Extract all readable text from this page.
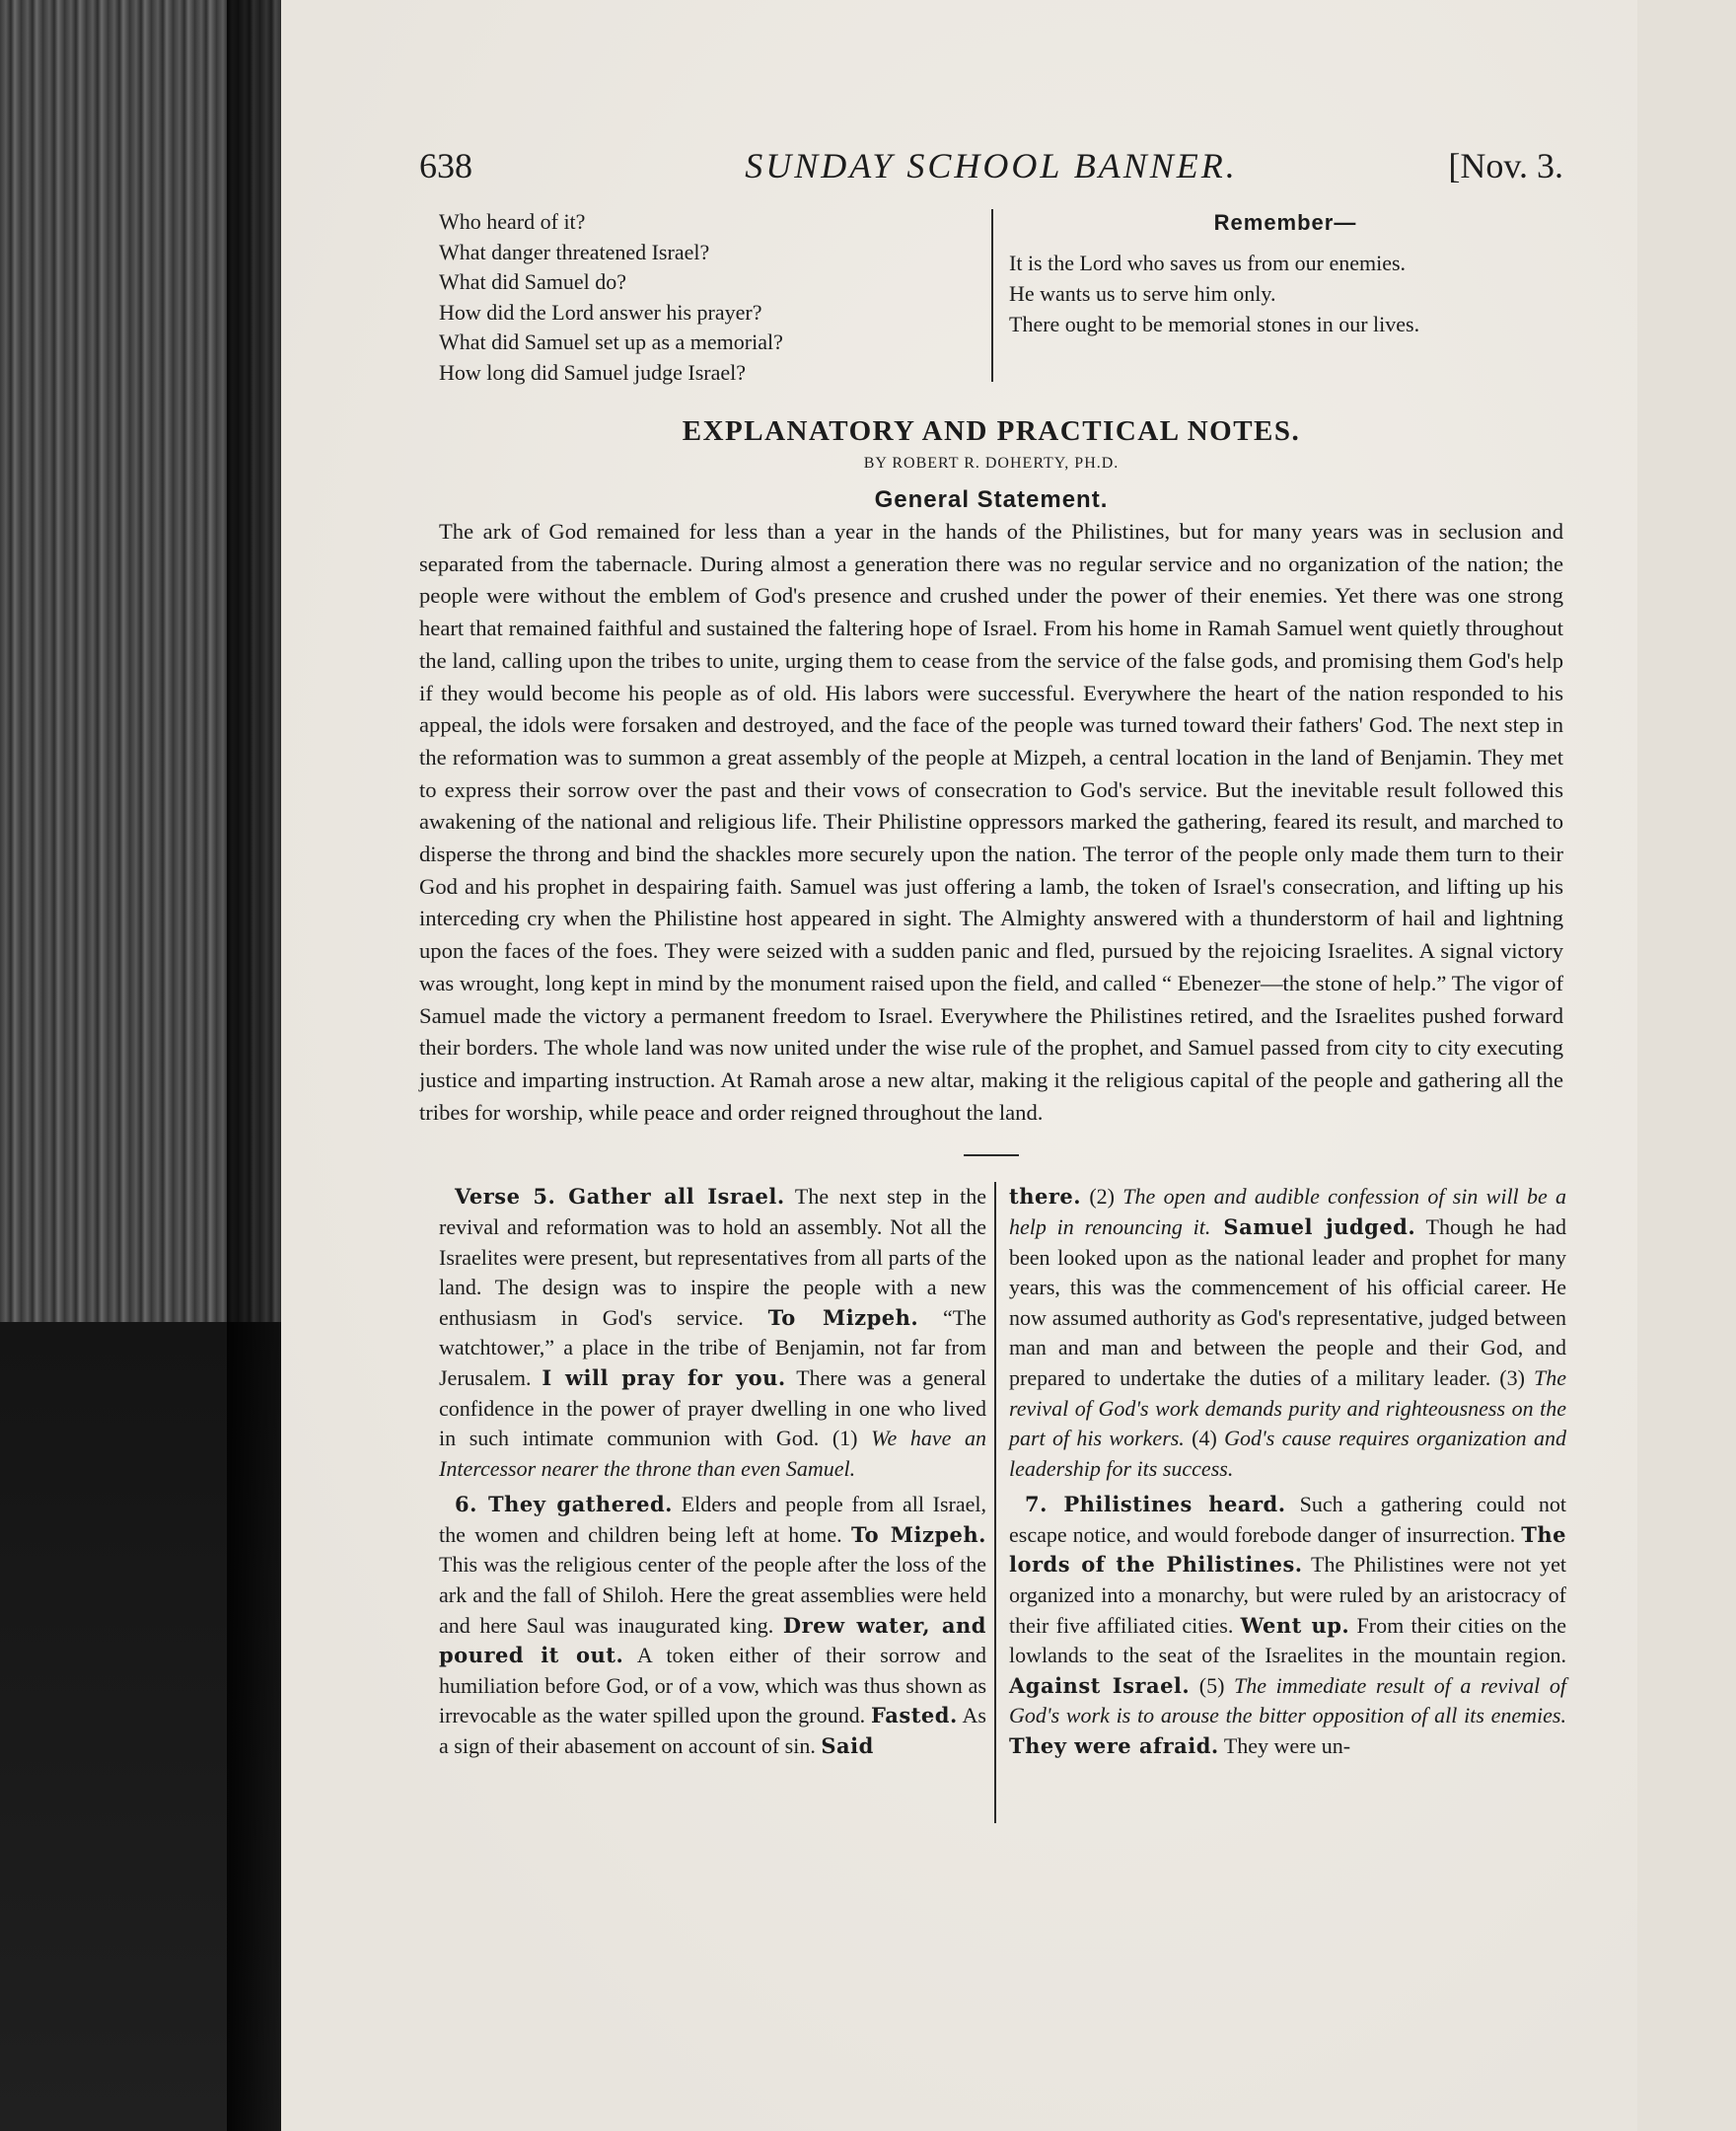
638	SUNDAY SCHOOL BANNER.	[Nov. 3.
Who heard of it?
What danger threatened Israel?
What did Samuel do?
How did the Lord answer his prayer?
What did Samuel set up as a memorial?
How long did Samuel judge Israel?
Remember—
It is the Lord who saves us from our enemies.
He wants us to serve him only.
There ought to be memorial stones in our lives.
EXPLANATORY AND PRACTICAL NOTES.
BY ROBERT R. DOHERTY, PH.D.
General Statement.
The ark of God remained for less than a year in the hands of the Philistines, but for many years was in seclusion and separated from the tabernacle. During almost a generation there was no regular service and no organization of the nation; the people were without the emblem of God's presence and crushed under the power of their enemies. Yet there was one strong heart that remained faithful and sustained the faltering hope of Israel. From his home in Ramah Samuel went quietly throughout the land, calling upon the tribes to unite, urging them to cease from the service of the false gods, and promising them God's help if they would become his people as of old. His labors were successful. Everywhere the heart of the nation responded to his appeal, the idols were forsaken and destroyed, and the face of the people was turned toward their fathers' God. The next step in the reformation was to summon a great assembly of the people at Mizpeh, a central location in the land of Benjamin. They met to express their sorrow over the past and their vows of consecration to God's service. But the inevitable result followed this awakening of the national and religious life. Their Philistine oppressors marked the gathering, feared its result, and marched to disperse the throng and bind the shackles more securely upon the nation. The terror of the people only made them turn to their God and his prophet in despairing faith. Samuel was just offering a lamb, the token of Israel's consecration, and lifting up his interceding cry when the Philistine host appeared in sight. The Almighty answered with a thunderstorm of hail and lightning upon the faces of the foes. They were seized with a sudden panic and fled, pursued by the rejoicing Israelites. A signal victory was wrought, long kept in mind by the monument raised upon the field, and called “ Ebenezer—the stone of help.” The vigor of Samuel made the victory a permanent freedom to Israel. Everywhere the Philistines retired, and the Israelites pushed forward their borders. The whole land was now united under the wise rule of the prophet, and Samuel passed from city to city executing justice and imparting instruction. At Ramah arose a new altar, making it the religious capital of the people and gathering all the tribes for worship, while peace and order reigned throughout the land.

Verse 5. Gather all Israel. The next step in the revival and reformation was to hold an assembly. Not all the Israelites were present, but representatives from all parts of the land. The design was to inspire the people with a new enthusiasm in God's service. To Mizpeh. “The watchtower,” a place in the tribe of Benjamin, not far from Jerusalem. I will pray for you. There was a general confidence in the power of prayer dwelling in one who lived in such intimate communion with God. (1) We have an Intercessor nearer the throne than even Samuel.

6. They gathered. Elders and people from all Israel, the women and children being left at home. To Mizpeh. This was the religious center of the people after the loss of the ark and the fall of Shiloh. Here the great assemblies were held and here Saul was inaugurated king. Drew water, and poured it out. A token either of their sorrow and humiliation before God, or of a vow, which was thus shown as irrevocable as the water spilled upon the ground. Fasted. As a sign of their abasement on account of sin. Said

there. (2) The open and audible confession of sin will be a help in renouncing it. Samuel judged. Though he had been looked upon as the national leader and prophet for many years, this was the commencement of his official career. He now assumed authority as God's representative, judged between man and man and between the people and their God, and prepared to undertake the duties of a military leader. (3) The revival of God's work demands purity and righteousness on the part of his workers. (4) God's cause requires organization and leadership for its success.

7. Philistines heard. Such a gathering could not escape notice, and would forebode danger of insurrection. The lords of the Philistines. The Philistines were not yet organized into a monarchy, but were ruled by an aristocracy of their five affiliated cities. Went up. From their cities on the lowlands to the seat of the Israelites in the mountain region. Against Israel. (5) The immediate result of a revival of God's work is to arouse the bitter opposition of all its enemies. They were afraid. They were un-
